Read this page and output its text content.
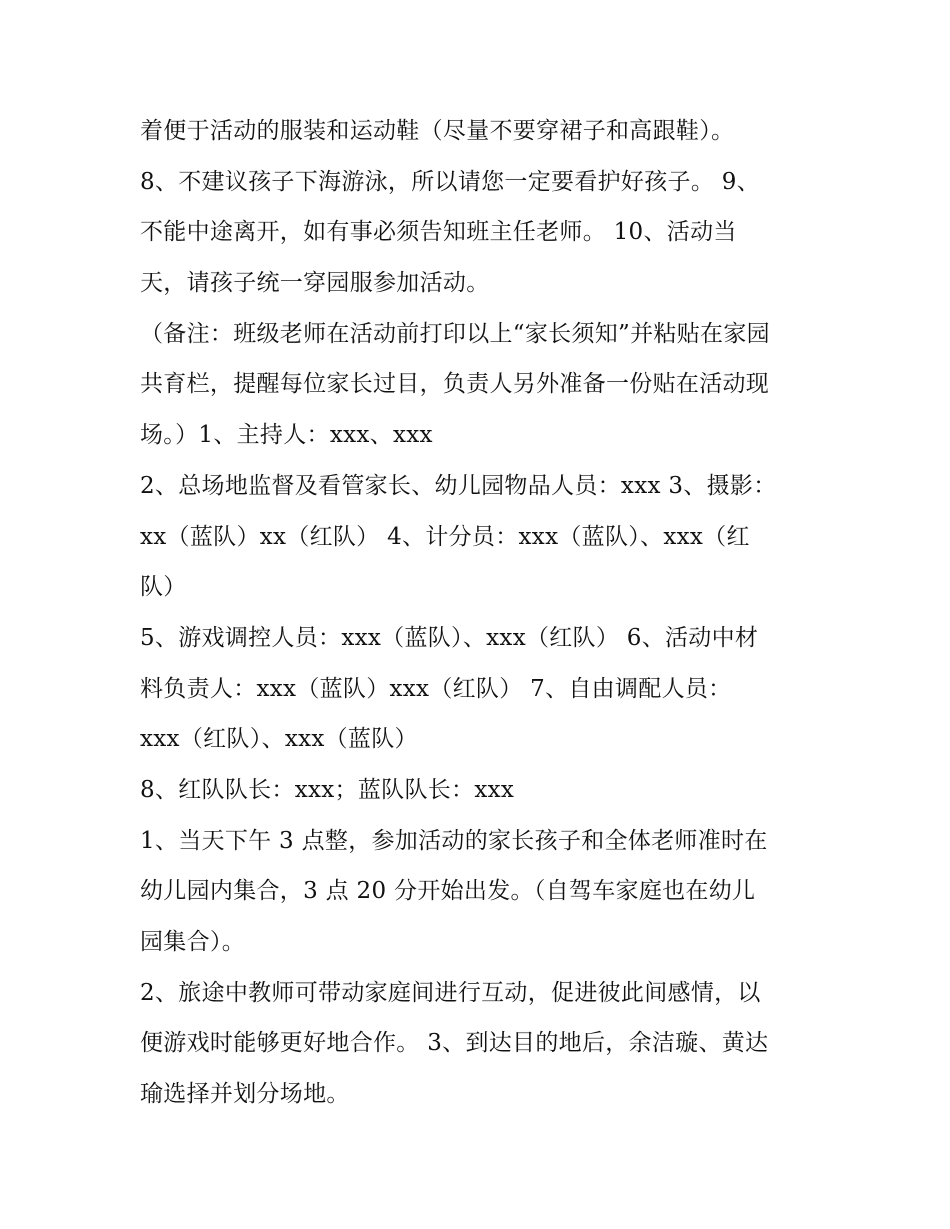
着便于活动的服装和运动鞋（尽量不要穿裙子和高跟鞋）。
8、不建议孩子下海游泳，所以请您一定要看护好孩子。 9、
不能中途离开，如有事必须告知班主任老师。 10、活动当
天，请孩子统一穿园服参加活动。
（备注：班级老师在活动前打印以上“家长须知”并粘贴在家园
共育栏，提醒每位家长过目，负责人另外准备一份贴在活动现
场。）1、主持人：xxx、xxx
2、总场地监督及看管家长、幼儿园物品人员：xxx 3、摄影：
xx（蓝队）xx（红队） 4、计分员：xxx（蓝队）、xxx（红
队）
5、游戏调控人员：xxx（蓝队）、xxx（红队） 6、活动中材
料负责人：xxx（蓝队）xxx（红队） 7、自由调配人员：
xxx（红队）、xxx（蓝队）
8、红队队长：xxx；蓝队队长：xxx
1、当天下午 3 点整，参加活动的家长孩子和全体老师准时在
幼儿园内集合，3 点 20 分开始出发。（自驾车家庭也在幼儿
园集合）。
2、旅途中教师可带动家庭间进行互动，促进彼此间感情，以
便游戏时能够更好地合作。 3、到达目的地后，余洁璇、黄达
瑜选择并划分场地。
